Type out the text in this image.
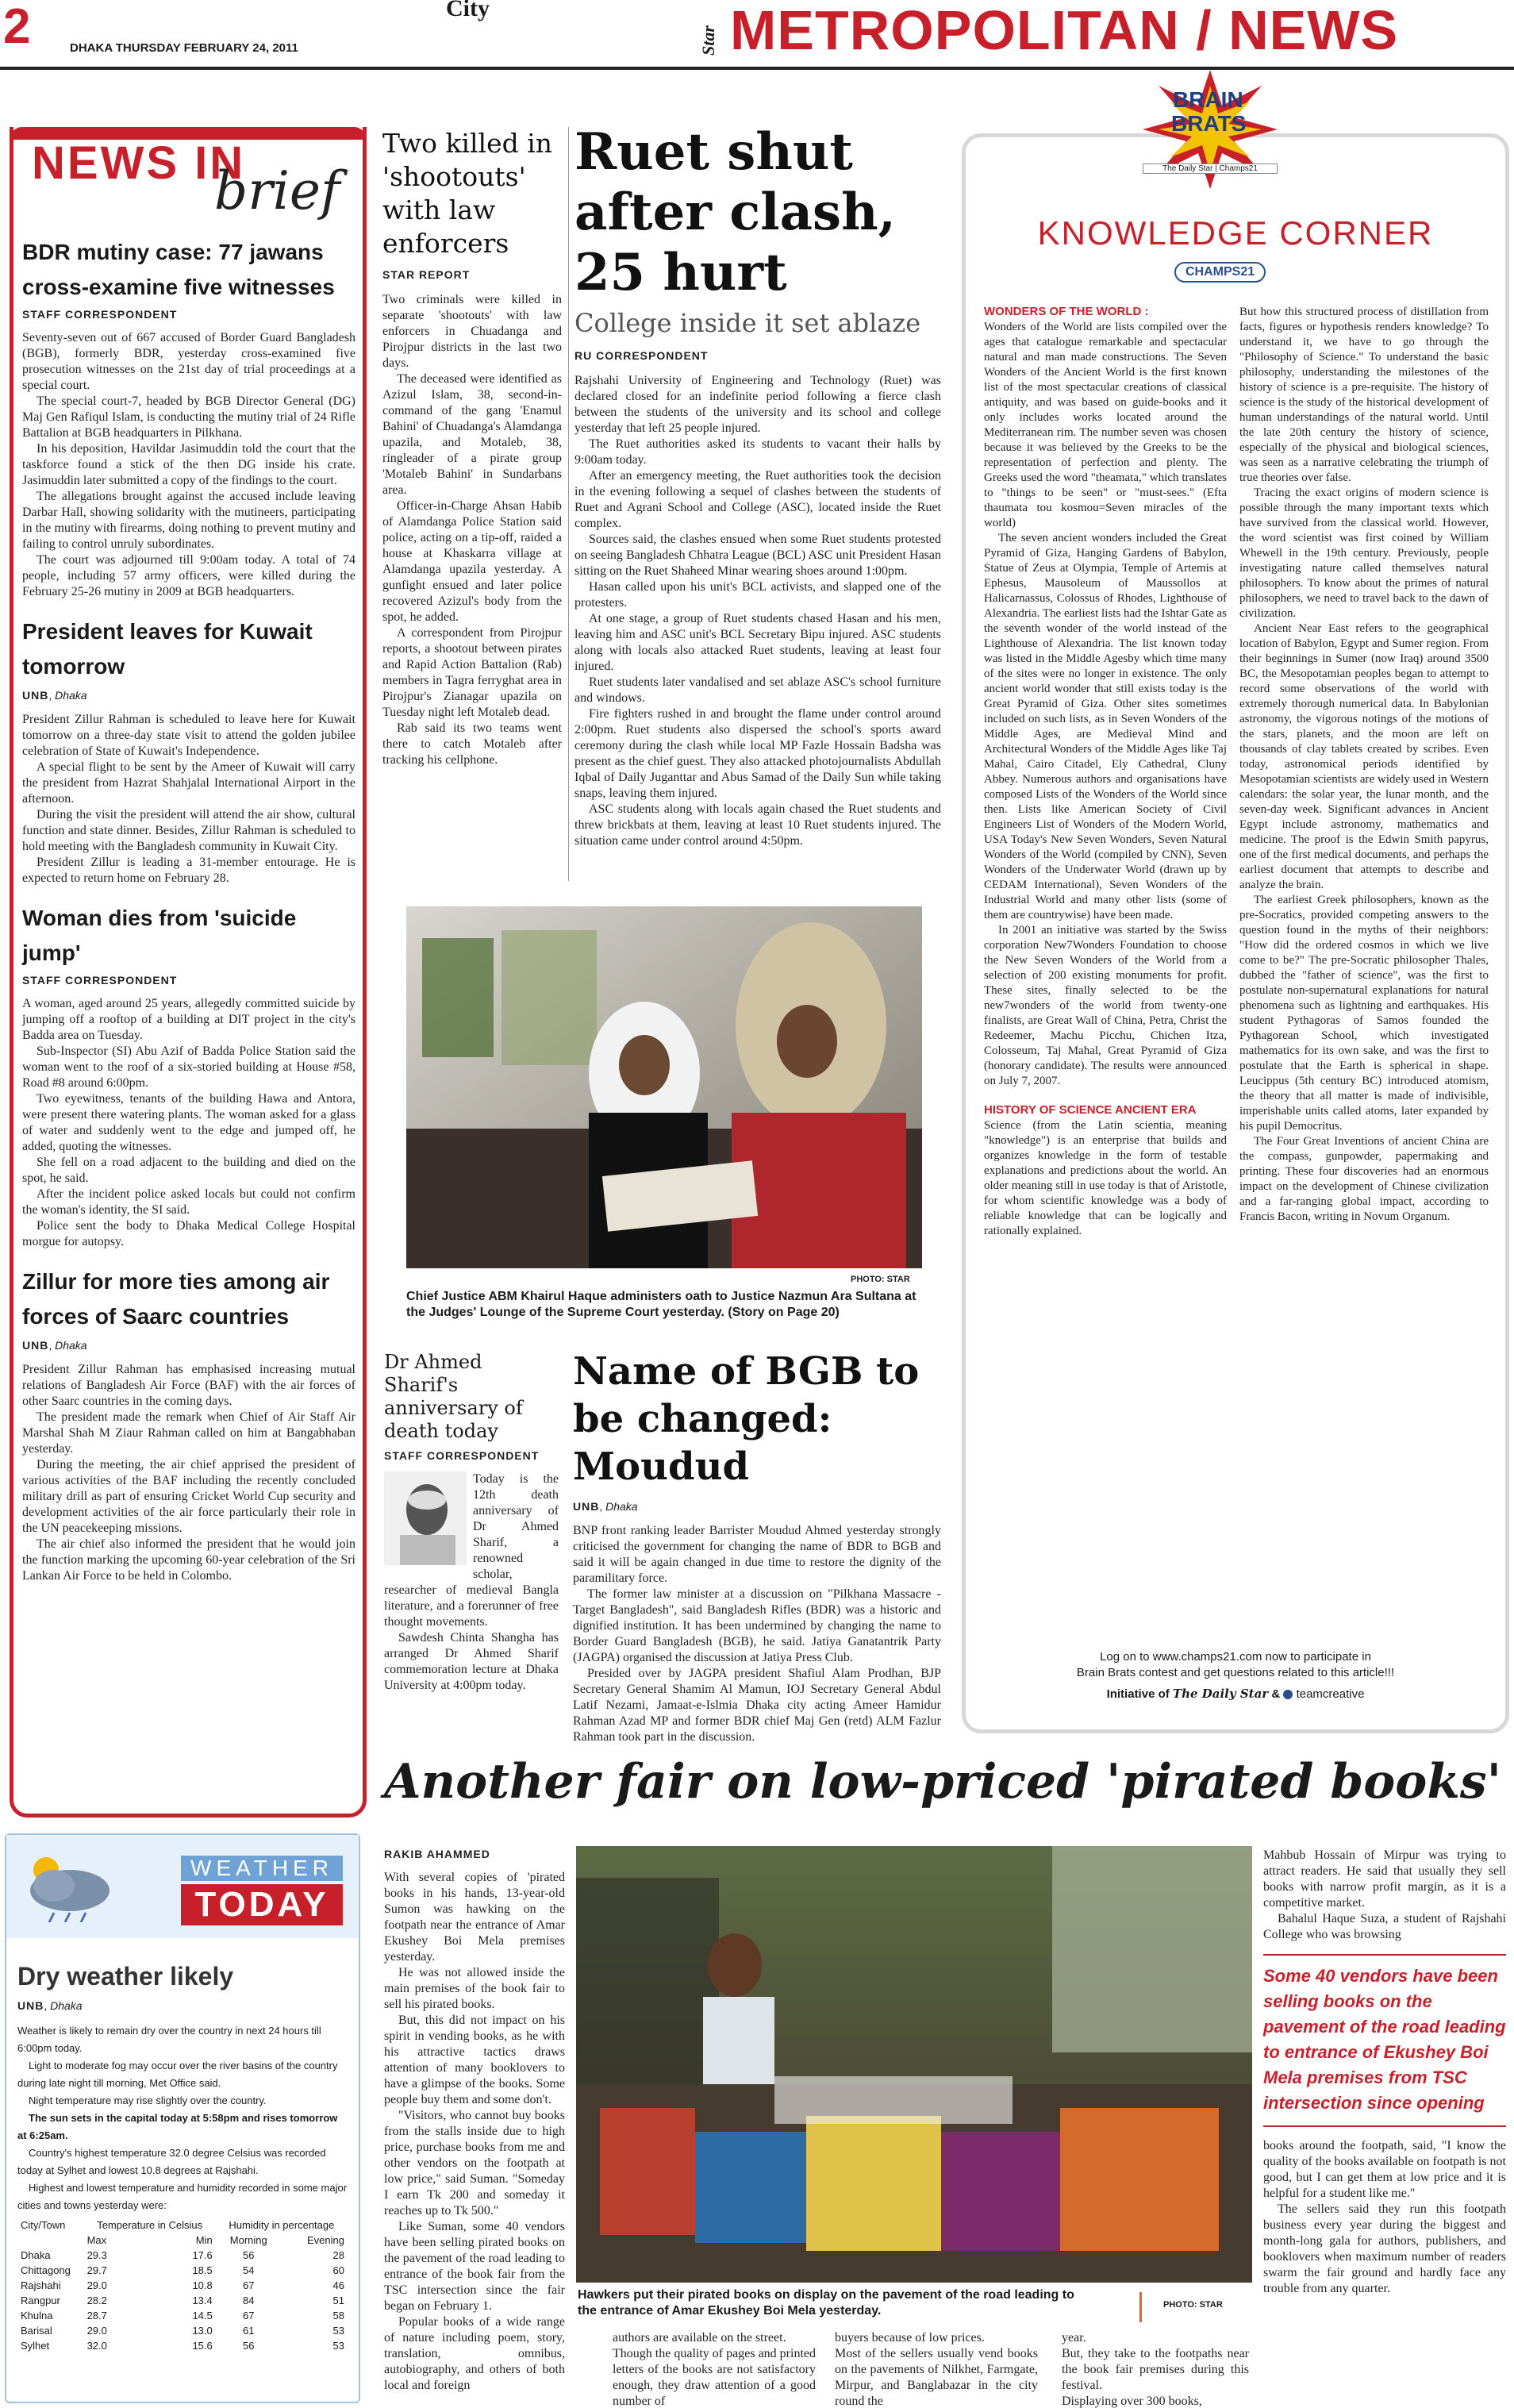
2	DHAKA THURSDAY FEBRUARY 24, 2011
City
Star METROPOLITAN / NEWS
NEWS IN
brief
BDR mutiny case: 77 jawans cross-examine five witnesses
STAFF CORRESPONDENT

Seventy-seven out of 667 accused of Border Guard Bangladesh (BGB), formerly BDR, yesterday cross-examined five prosecution witnesses on the 21st day of trial proceedings at a special court.

The special court-7, headed by BGB Director General (DG) Maj Gen Rafiqul Islam, is conducting the mutiny trial of 24 Rifle Battalion at BGB headquarters in Pilkhana.

In his deposition, Havildar Jasimuddin told the court that the taskforce found a stick of the then DG inside his crate. Jasimuddin later submitted a copy of the findings to the court.

The allegations brought against the accused include leaving Darbar Hall, showing solidarity with the mutineers, participating in the mutiny with firearms, doing nothing to prevent mutiny and failing to control unruly subordinates.

The court was adjourned till 9:00am today. A total of 74 people, including 57 army officers, were killed during the February 25-26 mutiny in 2009 at BGB headquarters.

President leaves for Kuwait tomorrow
UNB, Dhaka

President Zillur Rahman is scheduled to leave here for Kuwait tomorrow on a three-day state visit to attend the golden jubilee celebration of State of Kuwait's Independence.

A special flight to be sent by the Ameer of Kuwait will carry the president from Hazrat Shahjalal International Airport in the afternoon.

During the visit the president will attend the air show, cultural function and state dinner. Besides, Zillur Rahman is scheduled to hold meeting with the Bangladesh community in Kuwait City.

President Zillur is leading a 31-member entourage. He is expected to return home on February 28.

Woman dies from 'suicide jump'
STAFF CORRESPONDENT

A woman, aged around 25 years, allegedly committed suicide by jumping off a rooftop of a building at DIT project in the city's Badda area on Tuesday.

Sub-Inspector (SI) Abu Azif of Badda Police Station said the woman went to the roof of a six-storied building at House #58, Road #8 around 6:00pm.

Two eyewitness, tenants of the building Hawa and Antora, were present there watering plants. The woman asked for a glass of water and suddenly went to the edge and jumped off, he added, quoting the witnesses.

She fell on a road adjacent to the building and died on the spot, he said.

After the incident police asked locals but could not confirm the woman's identity, the SI said.

Police sent the body to Dhaka Medical College Hospital morgue for autopsy.

Zillur for more ties among air forces of Saarc countries
UNB, Dhaka

President Zillur Rahman has emphasised increasing mutual relations of Bangladesh Air Force (BAF) with the air forces of other Saarc countries in the coming days.

The president made the remark when Chief of Air Staff Air Marshal Shah M Ziaur Rahman called on him at Bangabhaban yesterday.

During the meeting, the air chief apprised the president of various activities of the BAF including the recently concluded military drill as part of ensuring Cricket World Cup security and development activities of the air force particularly their role in the UN peacekeeping missions.

The air chief also informed the president that he would join the function marking the upcoming 60-year celebration of the Sri Lankan Air Force to be held in Colombo.

Two killed in 'shootouts' with law enforcers
STAR REPORT

Two criminals were killed in separate 'shootouts' with law enforcers in Chuadanga and Pirojpur districts in the last two days.

The deceased were identified as Azizul Islam, 38, second-in-command of the gang 'Enamul Bahini' of Chuadanga's Alamdanga upazila, and Motaleb, 38, ringleader of a pirate group 'Motaleb Bahini' in Sundarbans area.

Officer-in-Charge Ahsan Habib of Alamdanga Police Station said police, acting on a tip-off, raided a house at Khaskarra village at Alamdanga upazila yesterday. A gunfight ensued and later police recovered Azizul's body from the spot, he added.

A correspondent from Pirojpur reports, a shootout between pirates and Rapid Action Battalion (Rab) members in Tagra ferryghat area in Pirojpur's Zianagar upazila on Tuesday night left Motaleb dead.

Rab said its two teams went there to catch Motaleb after tracking his cellphone.

Ruet shut after clash, 25 hurt
College inside it set ablaze
RU CORRESPONDENT

Rajshahi University of Engineering and Technology (Ruet) was declared closed for an indefinite period following a fierce clash between the students of the university and its school and college yesterday that left 25 people injured.

The Ruet authorities asked its students to vacant their halls by 9:00am today.

After an emergency meeting, the Ruet authorities took the decision in the evening following a sequel of clashes between the students of Ruet and Agrani School and College (ASC), located inside the Ruet complex.

Sources said, the clashes ensued when some Ruet students protested on seeing Bangladesh Chhatra League (BCL) ASC unit President Hasan sitting on the Ruet Shaheed Minar wearing shoes around 1:00pm.

Hasan called upon his unit's BCL activists, and slapped one of the protesters.

At one stage, a group of Ruet students chased Hasan and his men, leaving him and ASC unit's BCL Secretary Bipu injured. ASC students along with locals also attacked Ruet students, leaving at least four injured.

Ruet students later vandalised and set ablaze ASC's school furniture and windows.

Fire fighters rushed in and brought the flame under control around 2:00pm. Ruet students also dispersed the school's sports award ceremony during the clash while local MP Fazle Hossain Badsha was present as the chief guest. They also attacked photojournalists Abdullah Iqbal of Daily Juganttar and Abus Samad of the Daily Sun while taking snaps, leaving them injured.

ASC students along with locals again chased the Ruet students and threw brickbats at them, leaving at least 10 Ruet students injured. The situation came under control around 4:50pm.

PHOTO: STAR
Chief Justice ABM Khairul Haque administers oath to Justice Nazmun Ara Sultana at the Judges' Lounge of the Supreme Court yesterday. (Story on Page 20)
Dr Ahmed Sharif's anniversary of death today
STAFF CORRESPONDENT

Today is the 12th death anniversary of Dr Ahmed Sharif, a renowned scholar, researcher of medieval Bangla literature, and a forerunner of free thought movements.

Sawdesh Chinta Shangha has arranged Dr Ahmed Sharif commemoration lecture at Dhaka University at 4:00pm today.

Name of BGB to be changed: Moudud
UNB, Dhaka

BNP front ranking leader Barrister Moudud Ahmed yesterday strongly criticised the government for changing the name of BDR to BGB and said it will be again changed in due time to restore the dignity of the paramilitary force.

The former law minister at a discussion on "Pilkhana Massacre - Target Bangladesh", said Bangladesh Rifles (BDR) was a historic and dignified institution. It has been undermined by changing the name to Border Guard Bangladesh (BGB), he said. Jatiya Ganatantrik Party (JAGPA) organised the discussion at Jatiya Press Club.

Presided over by JAGPA president Shafiul Alam Prodhan, BJP Secretary General Shamim Al Mamun, IOJ Secretary General Abdul Latif Nezami, Jamaat-e-Islmia Dhaka city acting Ameer Hamidur Rahman Azad MP and former BDR chief Maj Gen (retd) ALM Fazlur Rahman took part in the discussion.

BRAIN
BRATS
The Daily Star | Champs21
KNOWLEDGE CORNER
CHAMPS21
WONDERS OF THE WORLD :

Wonders of the World are lists compiled over the ages that catalogue remarkable and spectacular natural and man made constructions. The Seven Wonders of the Ancient World is the first known list of the most spectacular creations of classical antiquity, and was based on guide-books and it only includes works located around the Mediterranean rim. The number seven was chosen because it was believed by the Greeks to be the representation of perfection and plenty. The Greeks used the word "theamata," which translates to "things to be seen" or "must-sees." (Efta thaumata tou kosmou=Seven miracles of the world)

The seven ancient wonders included the Great Pyramid of Giza, Hanging Gardens of Babylon, Statue of Zeus at Olympia, Temple of Artemis at Ephesus, Mausoleum of Maussollos at Halicarnassus, Colossus of Rhodes, Lighthouse of Alexandria. The earliest lists had the Ishtar Gate as the seventh wonder of the world instead of the Lighthouse of Alexandria. The list known today was listed in the Middle Agesby which time many of the sites were no longer in existence. The only ancient world wonder that still exists today is the Great Pyramid of Giza. Other sites sometimes included on such lists, as in Seven Wonders of the Middle Ages, are Medieval Mind and Architectural Wonders of the Middle Ages like Taj Mahal, Cairo Citadel, Ely Cathedral, Cluny Abbey. Numerous authors and organisations have composed Lists of the Wonders of the World since then. Lists like American Society of Civil Engineers List of Wonders of the Modern World, USA Today's New Seven Wonders, Seven Natural Wonders of the World (compiled by CNN), Seven Wonders of the Underwater World (drawn up by CEDAM International), Seven Wonders of the Industrial World and many other lists (some of them are countrywise) have been made.

In 2001 an initiative was started by the Swiss corporation New7Wonders Foundation to choose the New Seven Wonders of the World from a selection of 200 existing monuments for profit. These sites, finally selected to be the new7wonders of the world from twenty-one finalists, are Great Wall of China, Petra, Christ the Redeemer, Machu Picchu, Chichen Itza, Colosseum, Taj Mahal, Great Pyramid of Giza (honorary candidate). The results were announced on July 7, 2007.

HISTORY OF SCIENCE ANCIENT ERA

Science (from the Latin scientia, meaning "knowledge") is an enterprise that builds and organizes knowledge in the form of testable explanations and predictions about the world. An older meaning still in use today is that of Aristotle, for whom scientific knowledge was a body of reliable knowledge that can be logically and rationally explained.

But how this structured process of distillation from facts, figures or hypothesis renders knowledge? To understand it, we have to go through the "Philosophy of Science." To understand the basic philosophy, understanding the milestones of the history of science is a pre-requisite. The history of science is the study of the historical development of human understandings of the natural world. Until the late 20th century the history of science, especially of the physical and biological sciences, was seen as a narrative celebrating the triumph of true theories over false.

Tracing the exact origins of modern science is possible through the many important texts which have survived from the classical world. However, the word scientist was first coined by William Whewell in the 19th century. Previously, people investigating nature called themselves natural philosophers. To know about the primes of natural philosophers, we need to travel back to the dawn of civilization.

Ancient Near East refers to the geographical location of Babylon, Egypt and Sumer region. From their beginnings in Sumer (now Iraq) around 3500 BC, the Mesopotamian peoples began to attempt to record some observations of the world with extremely thorough numerical data. In Babylonian astronomy, the vigorous notings of the motions of the stars, planets, and the moon are left on thousands of clay tablets created by scribes. Even today, astronomical periods identified by Mesopotamian scientists are widely used in Western calendars: the solar year, the lunar month, and the seven-day week. Significant advances in Ancient Egypt include astronomy, mathematics and medicine. The proof is the Edwin Smith papyrus, one of the first medical documents, and perhaps the earliest document that attempts to describe and analyze the brain.

The earliest Greek philosophers, known as the pre-Socratics, provided competing answers to the question found in the myths of their neighbors: "How did the ordered cosmos in which we live come to be?" The pre-Socratic philosopher Thales, dubbed the "father of science", was the first to postulate non-supernatural explanations for natural phenomena such as lightning and earthquakes. His student Pythagoras of Samos founded the Pythagorean School, which investigated mathematics for its own sake, and was the first to postulate that the Earth is spherical in shape. Leucippus (5th century BC) introduced atomism, the theory that all matter is made of indivisible, imperishable units called atoms, later expanded by his pupil Democritus.

The Four Great Inventions of ancient China are the compass, gunpowder, papermaking and printing. These four discoveries had an enormous impact on the development of Chinese civilization and a far-ranging global impact, according to Francis Bacon, writing in Novum Organum.

Log on to www.champs21.com now to participate in
Brain Brats contest and get questions related to this article!!!
Initiative of The Daily Star & teamcreative
Another fair on low-priced 'pirated books'
WEATHER
TODAY
Dry weather likely
UNB, Dhaka

Weather is likely to remain dry over the country in next 24 hours till 6:00pm today.

Light to moderate fog may occur over the river basins of the country during late night till morning, Met Office said.

Night temperature may rise slightly over the country.

The sun sets in the capital today at 5:58pm and rises tomorrow at 6:25am.

Country's highest temperature 32.0 degree Celsius was recorded today at Sylhet and lowest 10.8 degrees at Rajshahi.

Highest and lowest temperature and humidity recorded in some major cities and towns yesterday were:

City/Town	Temperature in Celsius		Humidity in percentage	
	Max	Min	Morning	Evening
Dhaka	29.3	17.6	56	28
Chittagong	29.7	18.5	54	60
Rajshahi	29.0	10.8	67	46
Rangpur	28.2	13.4	84	51
Khulna	28.7	14.5	67	58
Barisal	29.0	13.0	61	53
Sylhet	32.0	15.6	56	53
RAKIB AHAMMED

With several copies of 'pirated books in his hands, 13-year-old Sumon was hawking on the footpath near the entrance of Amar Ekushey Boi Mela premises yesterday.

He was not allowed inside the main premises of the book fair to sell his pirated books.

But, this did not impact on his spirit in vending books, as he with his attractive tactics draws attention of many booklovers to have a glimpse of the books. Some people buy them and some don't.

"Visitors, who cannot buy books from the stalls inside due to high price, purchase books from me and other vendors on the footpath at low price," said Suman. "Someday I earn Tk 200 and someday it reaches up to Tk 500."

Like Suman, some 40 vendors have been selling pirated books on the pavement of the road leading to entrance of the book fair from the TSC intersection since the fair began on February 1.

Popular books of a wide range of nature including poem, story, translation, omnibus, autobiography, and others of both local and foreign

Hawkers put their pirated books on display on the pavement of the road leading to the entrance of Amar Ekushey Boi Mela yesterday.	PHOTO: STAR

authors are available on the street.
Though the quality of pages and printed letters of the books are not satisfactory enough, they draw attention of a good number of

buyers because of low prices.
Most of the sellers usually vend books on the pavements of Nilkhet, Farmgate, Mirpur, and Banglabazar in the city round the

year.
But, they take to the footpaths near the book fair premises during this festival.
Displaying over 300 books,

Mahbub Hossain of Mirpur was trying to attract readers. He said that usually they sell books with narrow profit margin, as it is a competitive market.

Bahalul Haque Suza, a student of Rajshahi College who was browsing

Some 40 vendors have been selling books on the pavement of the road leading to entrance of Ekushey Boi Mela premises from TSC intersection since opening

books around the footpath, said, "I know the quality of the books available on footpath is not good, but I can get them at low price and it is helpful for a student like me."

The sellers said they run this footpath business every year during the biggest and month-long gala for authors, publishers, and booklovers when maximum number of readers swarm the fair ground and hardly face any trouble from any quarter.
